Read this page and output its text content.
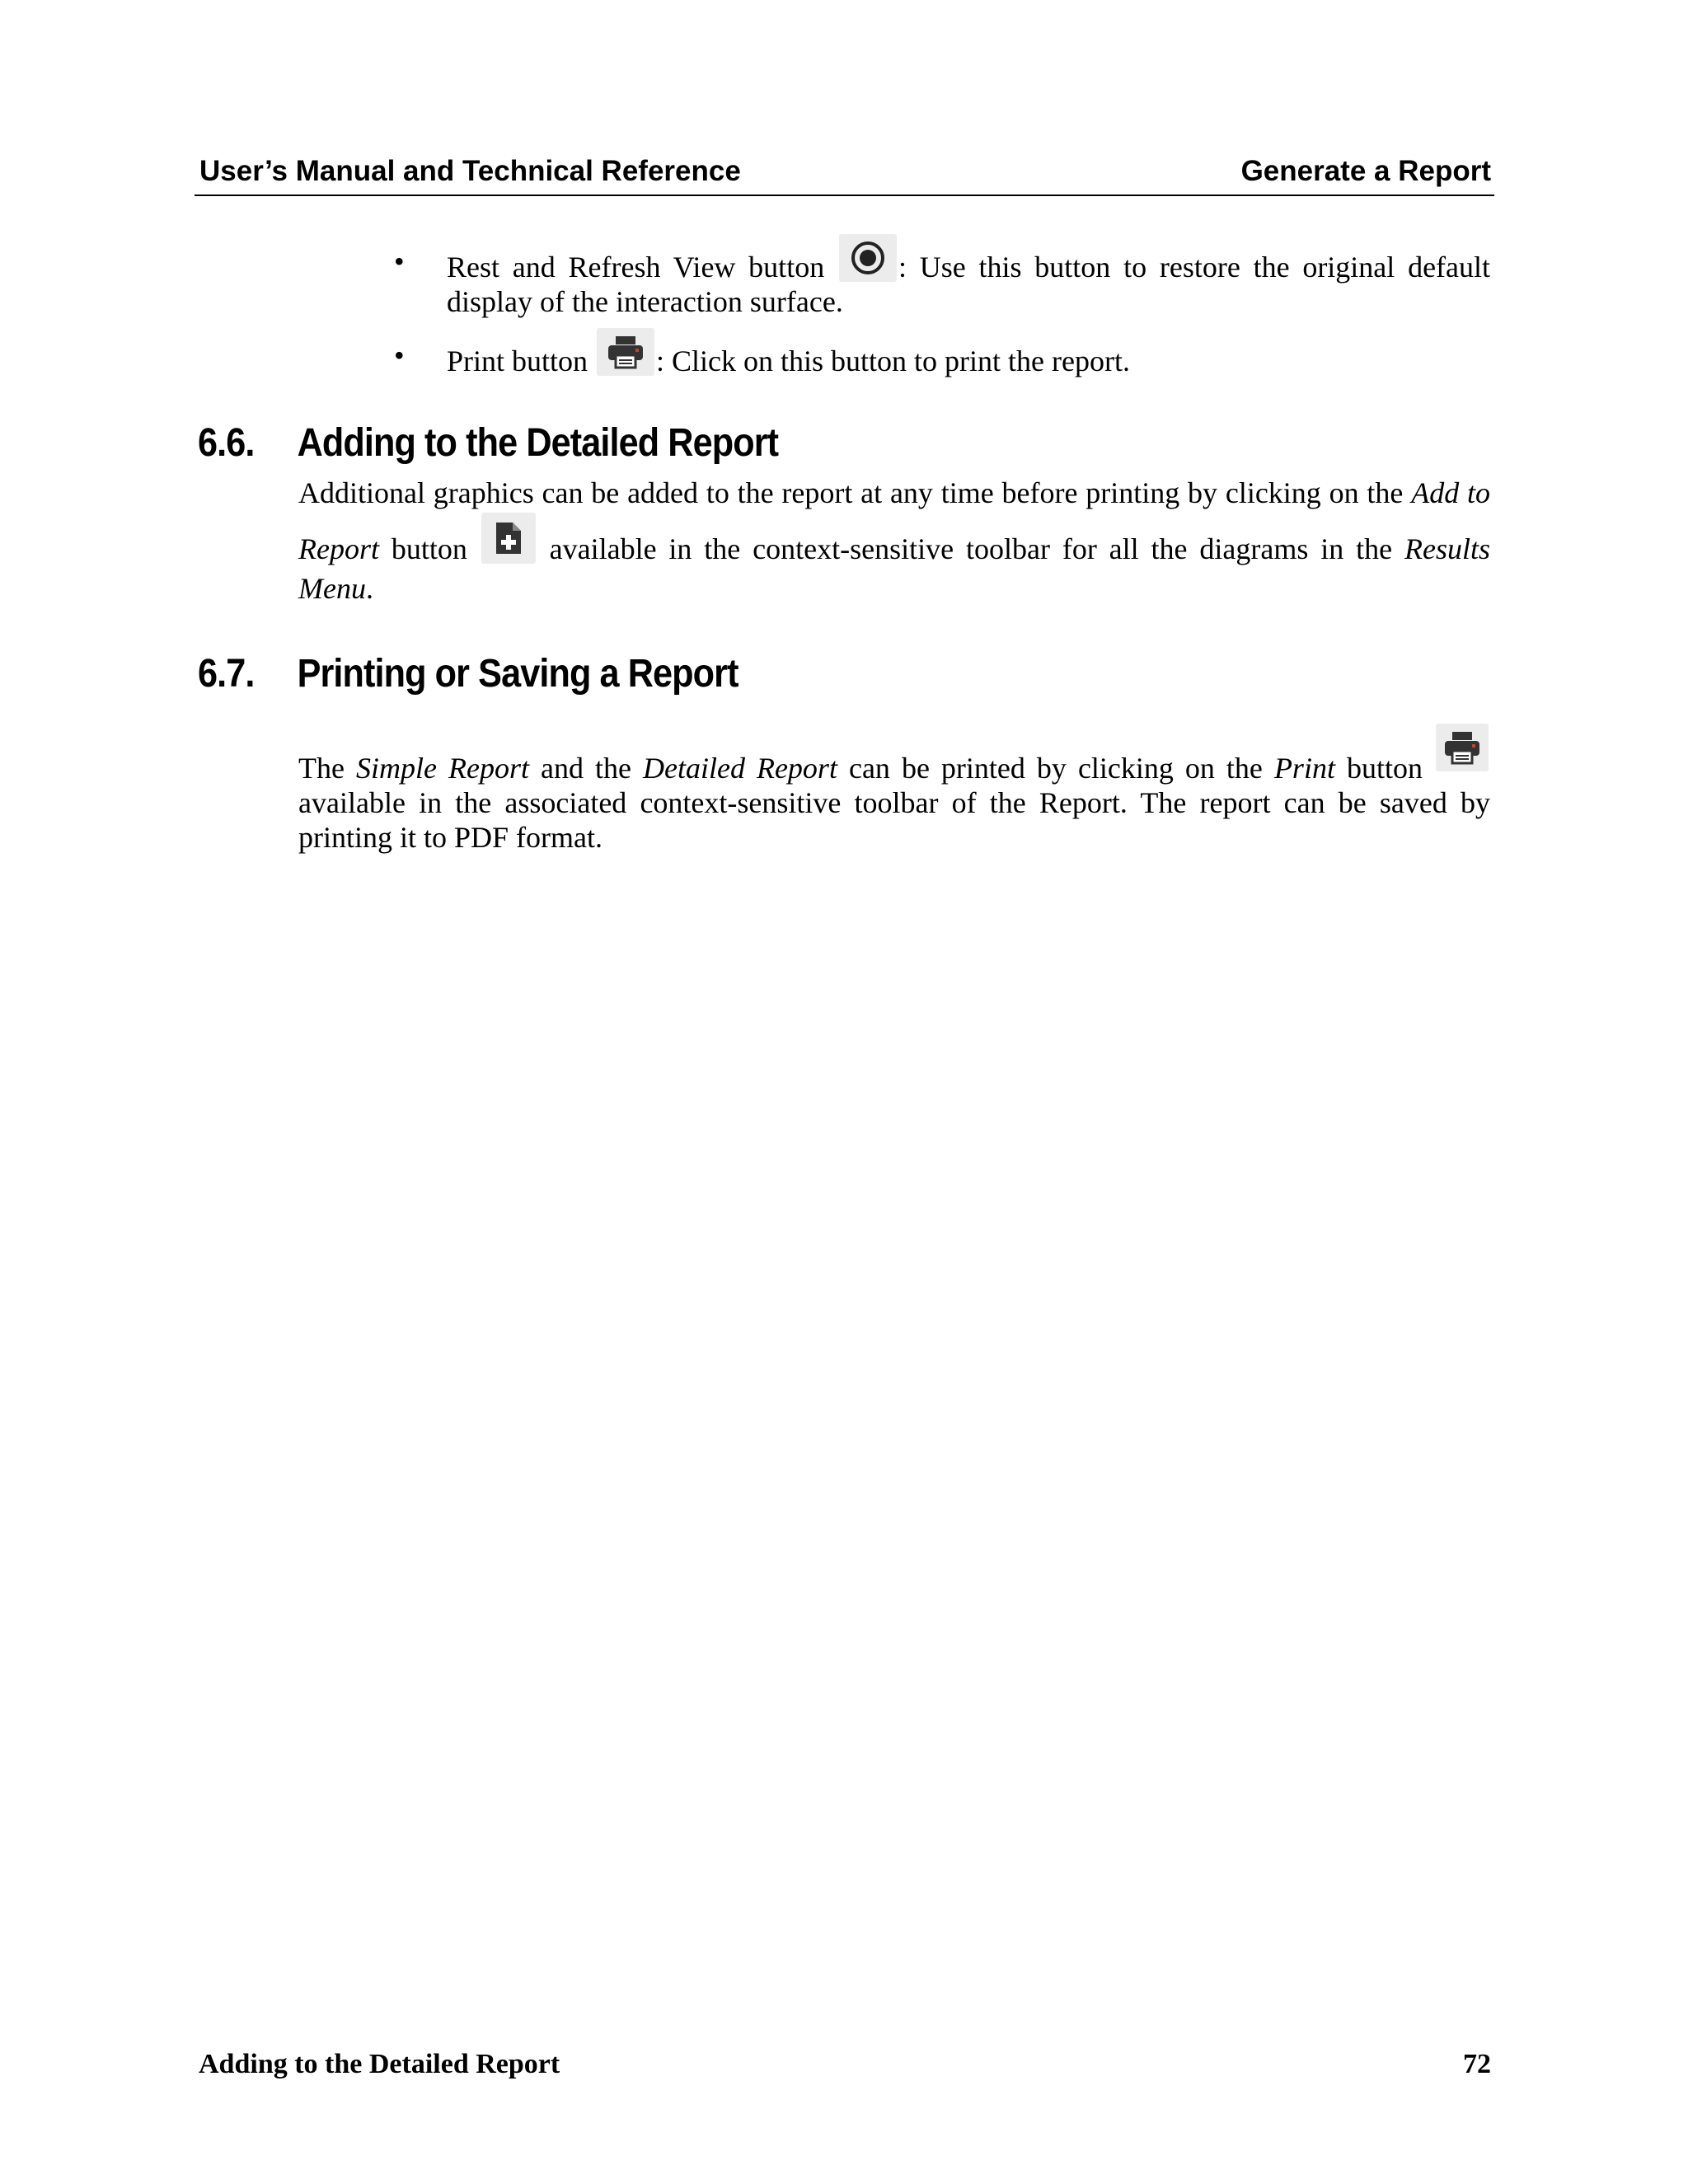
User’s Manual and Technical Reference	Generate a Report
• Rest and Refresh View button : Use this button to restore the original default display of the interaction surface.
• Print button : Click on this button to print the report.
6.6. Adding to the Detailed Report
Additional graphics can be added to the report at any time before printing by clicking on the Add to Report button
available in the context-sensitive toolbar for all the diagrams in the Results Menu.
6.7. Printing or Saving a Report
The Simple Report and the Detailed Report can be printed by clicking on the Print button
available in the associated context-sensitive toolbar of the Report. The report can be saved by printing it to PDF format.
Adding to the Detailed Report	72
